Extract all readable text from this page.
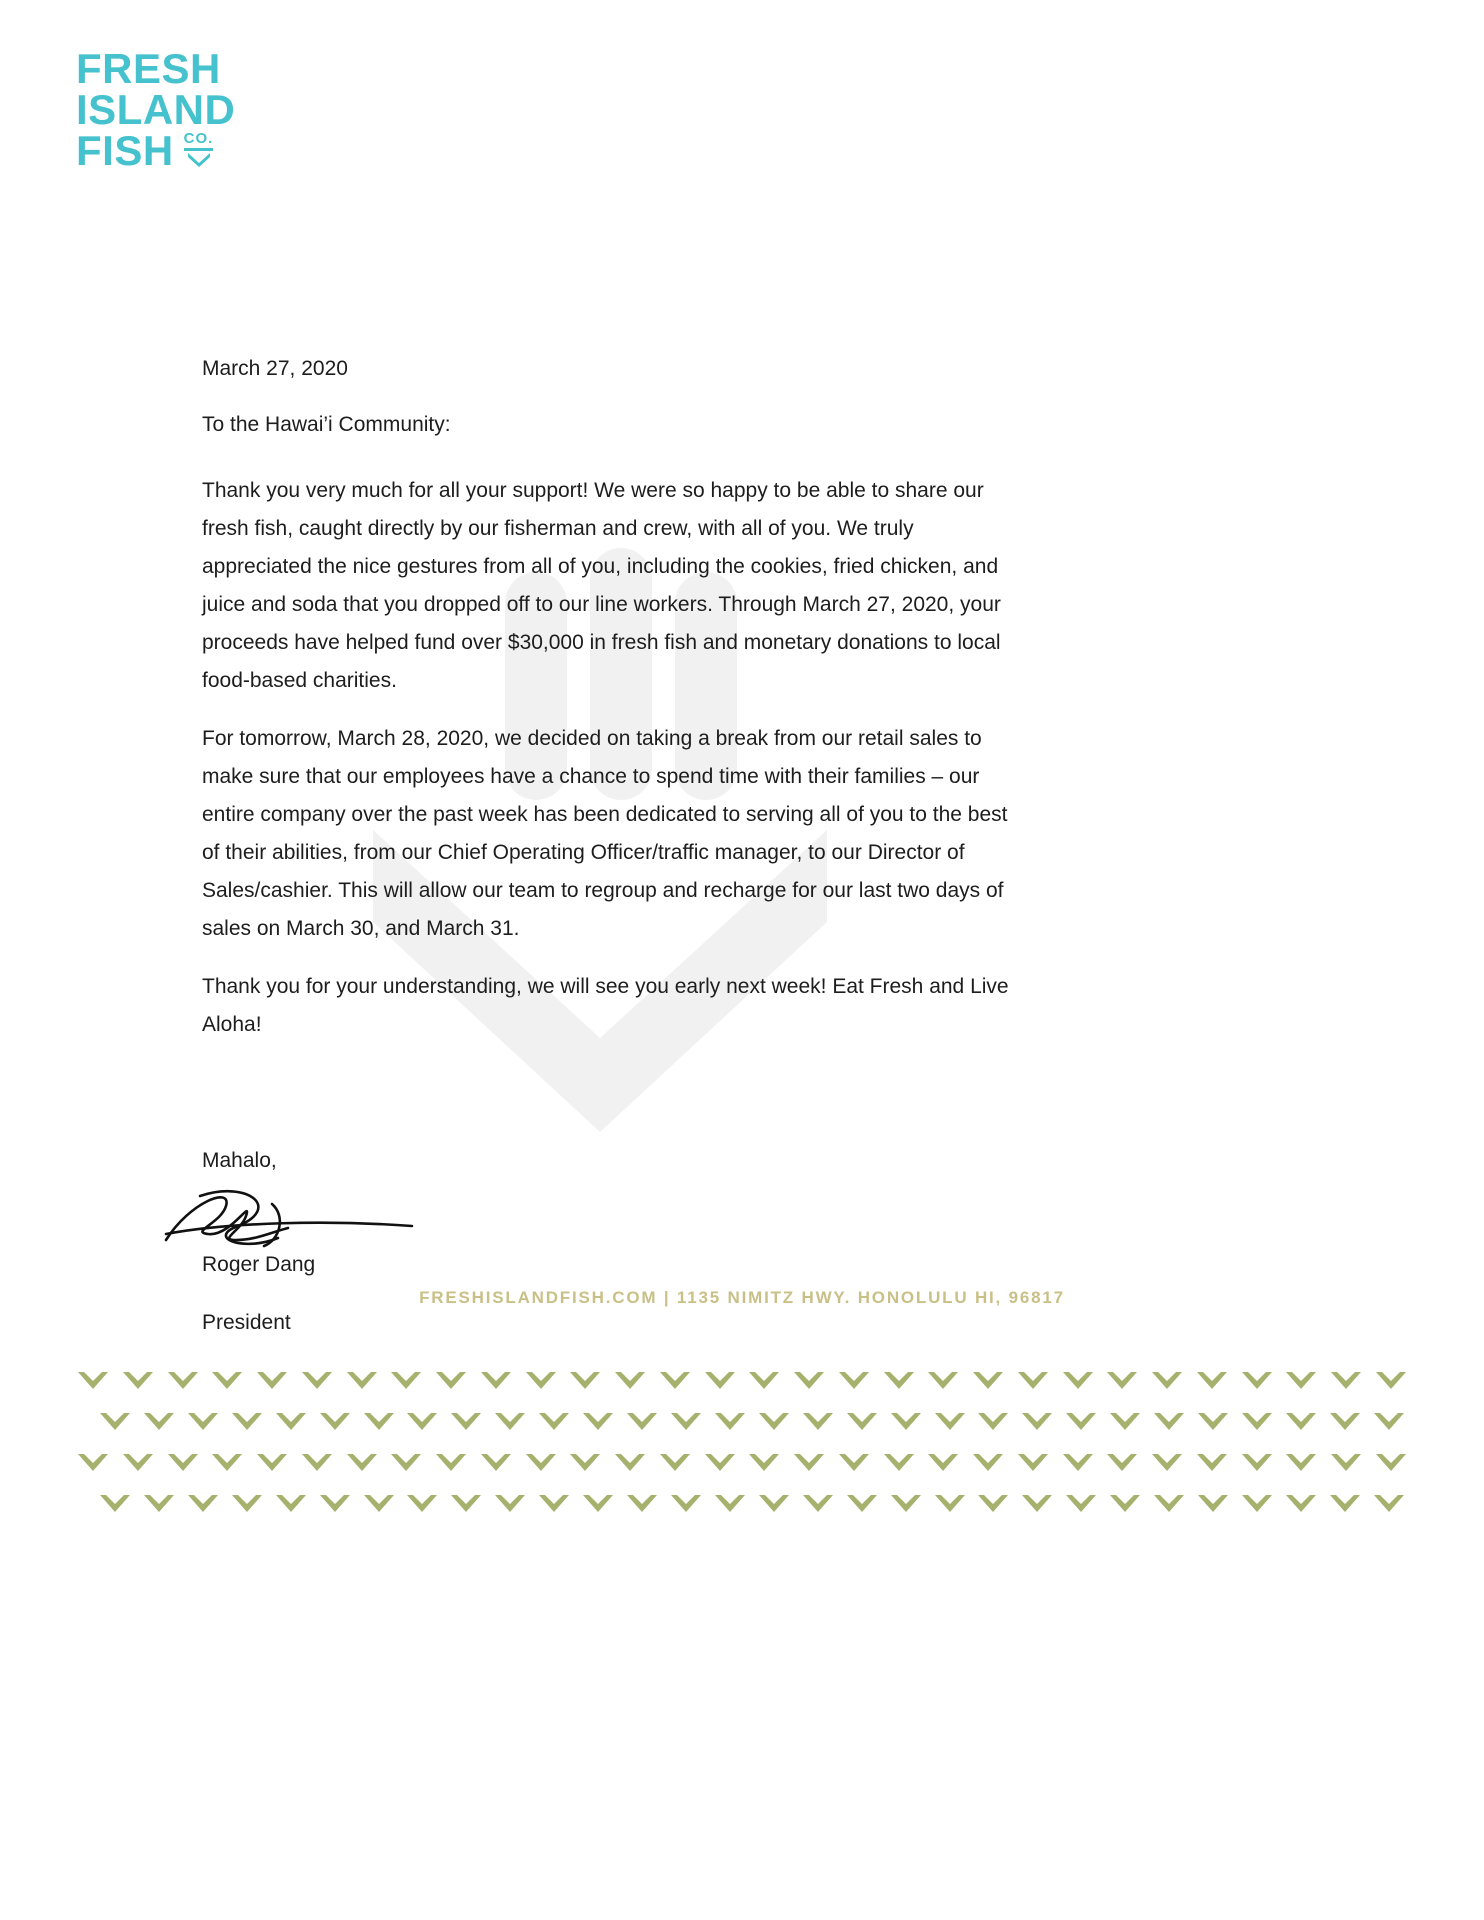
FRESH
ISLAND
FISH CO.

March 27, 2020

To the Hawai’i Community:

Thank you very much for all your support! We were so happy to be able to share our fresh fish, caught directly by our fisherman and crew, with all of you. We truly appreciated the nice gestures from all of you, including the cookies, fried chicken, and juice and soda that you dropped off to our line workers. Through March 27, 2020, your proceeds have helped fund over $30,000 in fresh fish and monetary donations to local food-based charities.

For tomorrow, March 28, 2020, we decided on taking a break from our retail sales to make sure that our employees have a chance to spend time with their families – our entire company over the past week has been dedicated to serving all of you to the best of their abilities, from our Chief Operating Officer/traffic manager, to our Director of Sales/cashier. This will allow our team to regroup and recharge for our last two days of sales on March 30, and March 31.

Thank you for your understanding, we will see you early next week! Eat Fresh and Live Aloha!

Mahalo,

Roger Dang

President

FRESHISLANDFISH.COM | 1135 NIMITZ HWY. HONOLULU HI, 96817
